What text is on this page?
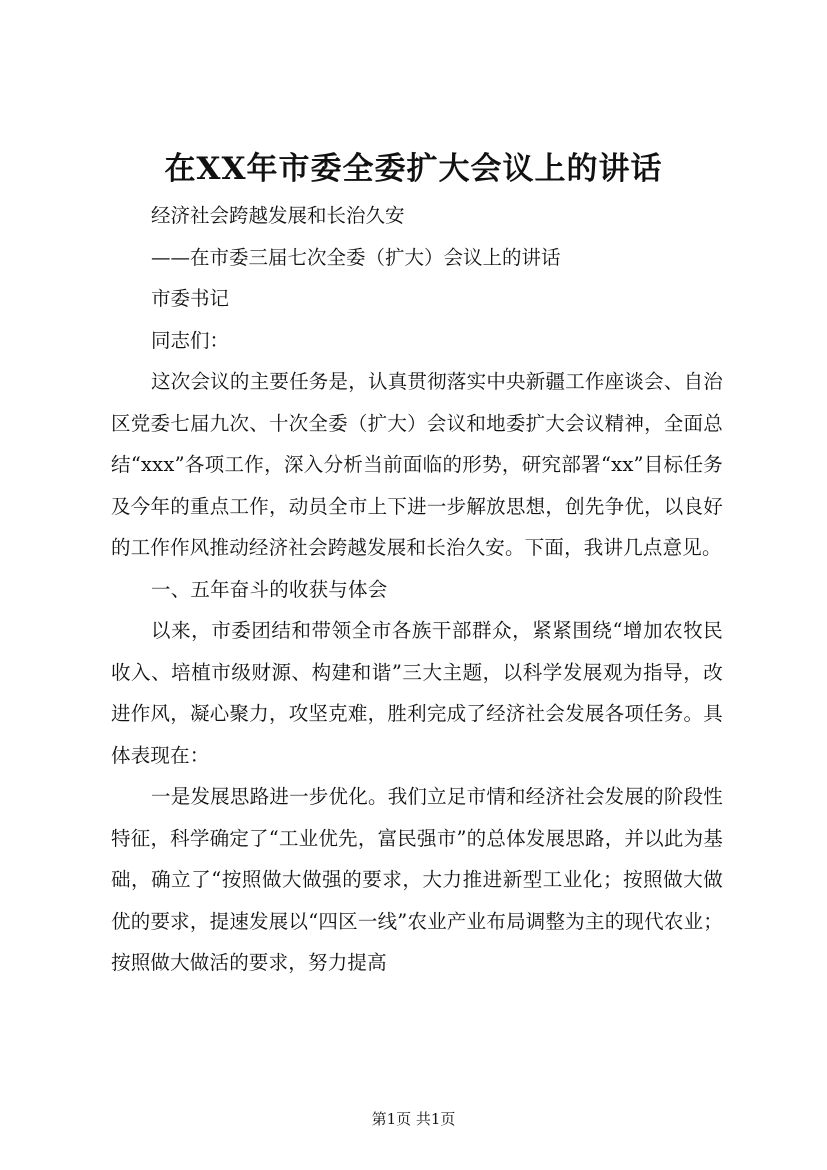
在XX年市委全委扩大会议上的讲话

经济社会跨越发展和长治久安

——在市委三届七次全委（扩大）会议上的讲话

市委书记

同志们：

这次会议的主要任务是，认真贯彻落实中央新疆工作座谈会、自治区党委七届九次、十次全委（扩大）会议和地委扩大会议精神，全面总结“xxx”各项工作，深入分析当前面临的形势，研究部署“xx”目标任务及今年的重点工作，动员全市上下进一步解放思想，创先争优，以良好的工作作风推动经济社会跨越发展和长治久安。下面，我讲几点意见。

一、五年奋斗的收获与体会

以来，市委团结和带领全市各族干部群众，紧紧围绕“增加农牧民收入、培植市级财源、构建和谐”三大主题，以科学发展观为指导，改进作风，凝心聚力，攻坚克难，胜利完成了经济社会发展各项任务。具体表现在：

一是发展思路进一步优化。我们立足市情和经济社会发展的阶段性特征，科学确定了“工业优先，富民强市”的总体发展思路，并以此为基础，确立了“按照做大做强的要求，大力推进新型工业化；按照做大做优的要求，提速发展以“四区一线”农业产业布局调整为主的现代农业；按照做大做活的要求，努力提高

第1页 共1页
